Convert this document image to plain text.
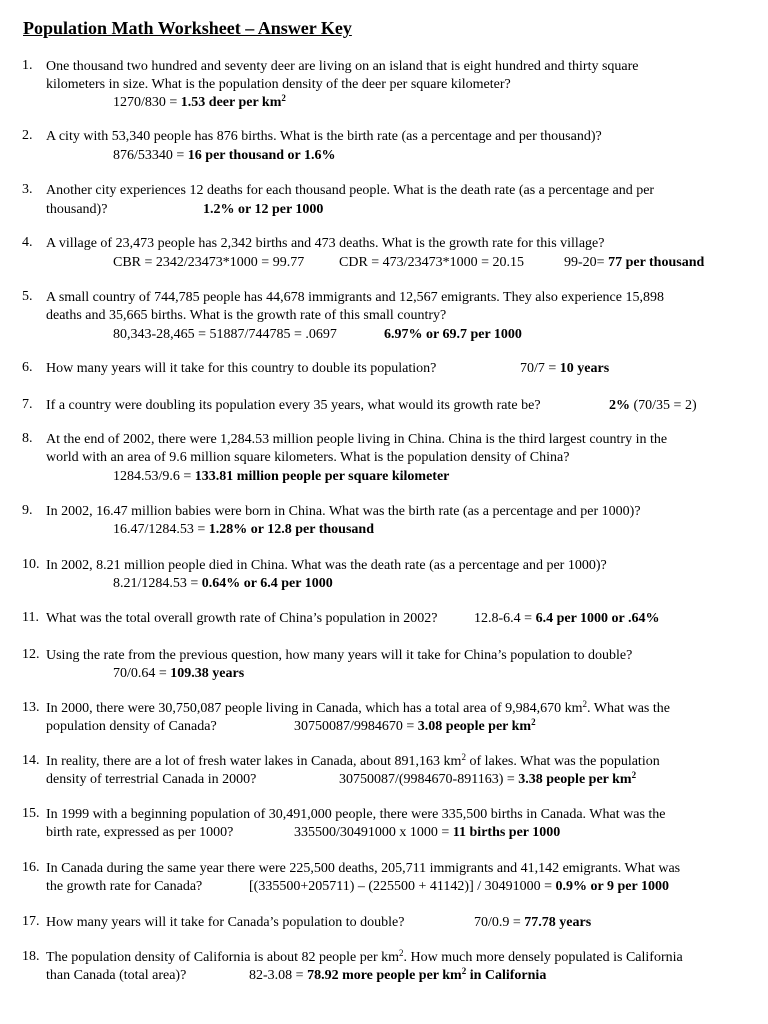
Population Math Worksheet – Answer Key
1. One thousand two hundred and seventy deer are living on an island that is eight hundred and thirty square
kilometers in size. What is the population density of the deer per square kilometer?
1270/830 = 1.53 deer per $km^2$
2. A city with 53,340 people has 876 births. What is the birth rate (as a percentage and per thousand)?
876/53340 = 16 per thousand or 1.6%
3. Another city experiences 12 deaths for each thousand people. What is the death rate (as a percentage and per
thousand)?	1.2% or 12 per 1000
4. A village of 23,473 people has 2,342 births and 473 deaths. What is the growth rate for this village?
CBR = 2342/23473*1000 = 99.77 CDR = 473/23473*1000 = 20.15	99-20= 77 per thousand
5. A small country of 744,785 people has 44,678 immigrants and 12,567 emigrants. They also experience 15,898
deaths and 35,665 births. What is the growth rate of this small country?
80,343-28,465 = 51887/744785 = .0697	6.97% or 69.7 per 1000
6. How many years will it take for this country to double its population?	70/7 = 10 years
7. If a country were doubling its population every 35 years, what would its growth rate be?	2% (70/35 = 2)
8. At the end of 2002, there were 1,284.53 million people living in China. China is the third largest country in the
world with an area of 9.6 million square kilometers. What is the population density of China?
1284.53/9.6 = 133.81 million people per square kilometer
9. In 2002, 16.47 million babies were born in China. What was the birth rate (as a percentage and per 1000)?
16.47/1284.53 = 1.28% or 12.8 per thousand
10. In 2002, 8.21 million people died in China. What was the death rate (as a percentage and per 1000)?
8.21/1284.53 = 0.64% or 6.4 per 1000
11. What was the total overall growth rate of China’s population in 2002?	12.8-6.4 = 6.4 per 1000 or .64%
12. Using the rate from the previous question, how many years will it take for China’s population to double?
70/0.64 = 109.38 years
13. In 2000, there were 30,750,087 people living in Canada, which has a total area of 9,984,670 $km^2$. What was the
population density of Canada?	30750087/9984670 = 3.08 people per $km^2$
14. In reality, there are a lot of fresh water lakes in Canada, about 891,163 $km^2$ of lakes. What was the population
density of terrestrial Canada in 2000?	30750087/(9984670-891163) = 3.38 people per $km^2$
15. In 1999 with a beginning population of 30,491,000 people, there were 335,500 births in Canada. What was the
birth rate, expressed as per 1000?	335500/30491000 x 1000 = 11 births per 1000
16. In Canada during the same year there were 225,500 deaths, 205,711 immigrants and 41,142 emigrants. What was
the growth rate for Canada?	[(335500+205711) – (225500 + 41142)] / 30491000 = 0.9% or 9 per 1000
17. How many years will it take for Canada’s population to double?	70/0.9 = 77.78 years
18. The population density of California is about 82 people per $km^2$. How much more densely populated is California
than Canada (total area)?	82-3.08 = 78.92 more people per $km^2$ in California
